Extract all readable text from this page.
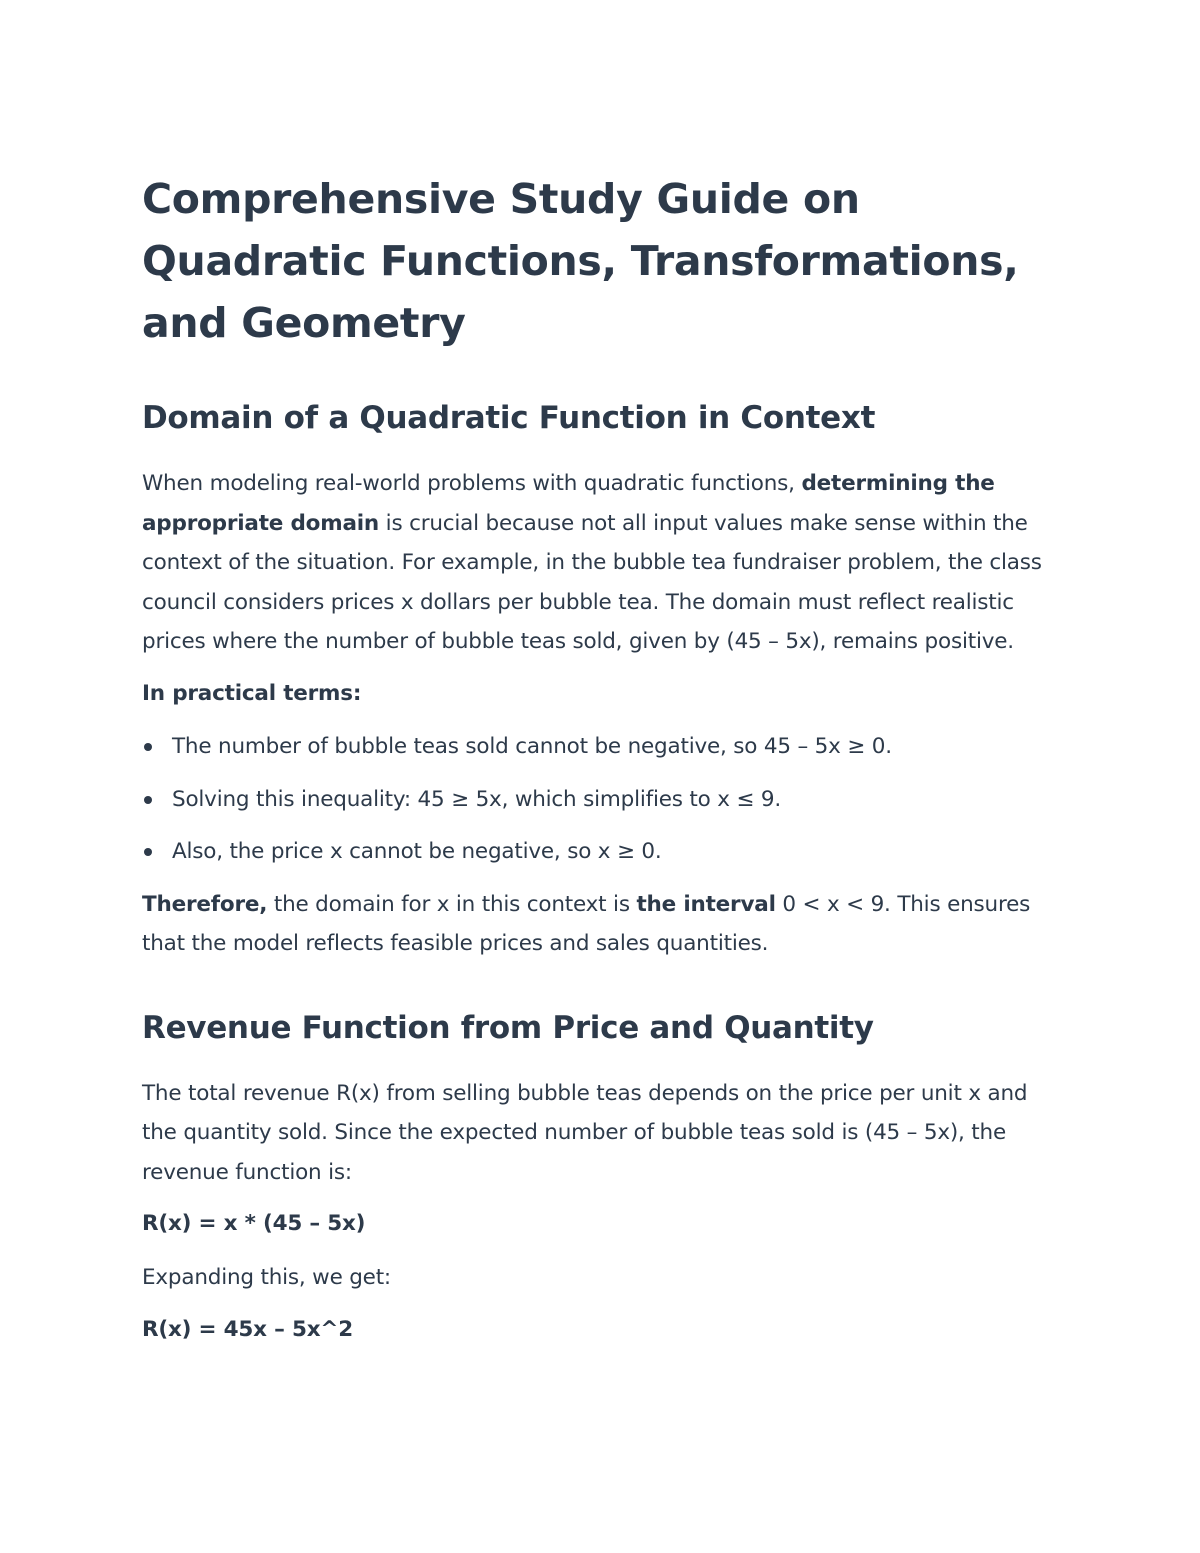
Comprehensive Study Guide on Quadratic Functions, Transformations, and Geometry
Domain of a Quadratic Function in Context

When modeling real-world problems with quadratic functions, determining the appropriate domain is crucial because not all input values make sense within the context of the situation. For example, in the bubble tea fundraiser problem, the class council considers prices x dollars per bubble tea. The domain must reflect realistic prices where the number of bubble teas sold, given by (45 – 5x), remains positive.

In practical terms:

The number of bubble teas sold cannot be negative, so 45 – 5x ≥ 0.
Solving this inequality: 45 ≥ 5x, which simplifies to x ≤ 9.
Also, the price x cannot be negative, so x ≥ 0.

Therefore, the domain for x in this context is the interval 0 < x < 9. This ensures that the model reflects feasible prices and sales quantities.

Revenue Function from Price and Quantity

The total revenue R(x) from selling bubble teas depends on the price per unit x and the quantity sold. Since the expected number of bubble teas sold is (45 – 5x), the revenue function is:

R(x) = x * (45 – 5x)

Expanding this, we get:

R(x) = 45x – 5x^2
